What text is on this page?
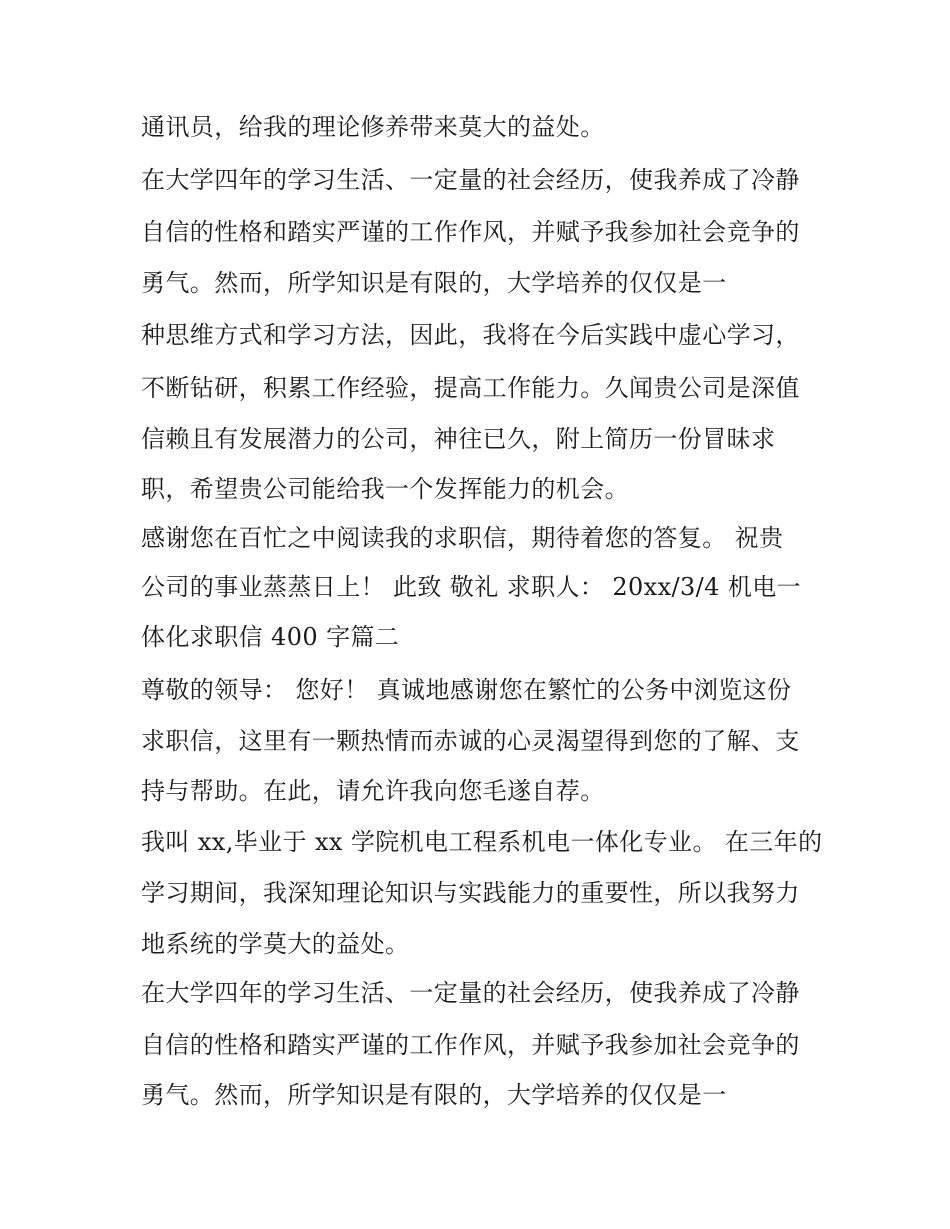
通讯员，给我的理论修养带来莫大的益处。

在大学四年的学习生活、一定量的社会经历，使我养成了冷静

自信的性格和踏实严谨的工作作风，并赋予我参加社会竞争的

勇气。然而，所学知识是有限的，大学培养的仅仅是一

种思维方式和学习方法，因此，我将在今后实践中虚心学习，

不断钻研，积累工作经验，提高工作能力。久闻贵公司是深值

信赖且有发展潜力的公司，神往已久，附上简历一份冒昧求

职，希望贵公司能给我一个发挥能力的机会。

感谢您在百忙之中阅读我的求职信，期待着您的答复。 祝贵

公司的事业蒸蒸日上！ 此致 敬礼 求职人： 20xx/3/4 机电一

体化求职信 400 字篇二

尊敬的领导： 您好！ 真诚地感谢您在繁忙的公务中浏览这份

求职信，这里有一颗热情而赤诚的心灵渴望得到您的了解、支

持与帮助。在此，请允许我向您毛遂自荐。

我叫 xx,毕业于 xx 学院机电工程系机电一体化专业。 在三年的

学习期间，我深知理论知识与实践能力的重要性，所以我努力

地系统的学莫大的益处。

在大学四年的学习生活、一定量的社会经历，使我养成了冷静

自信的性格和踏实严谨的工作作风，并赋予我参加社会竞争的

勇气。然而，所学知识是有限的，大学培养的仅仅是一
